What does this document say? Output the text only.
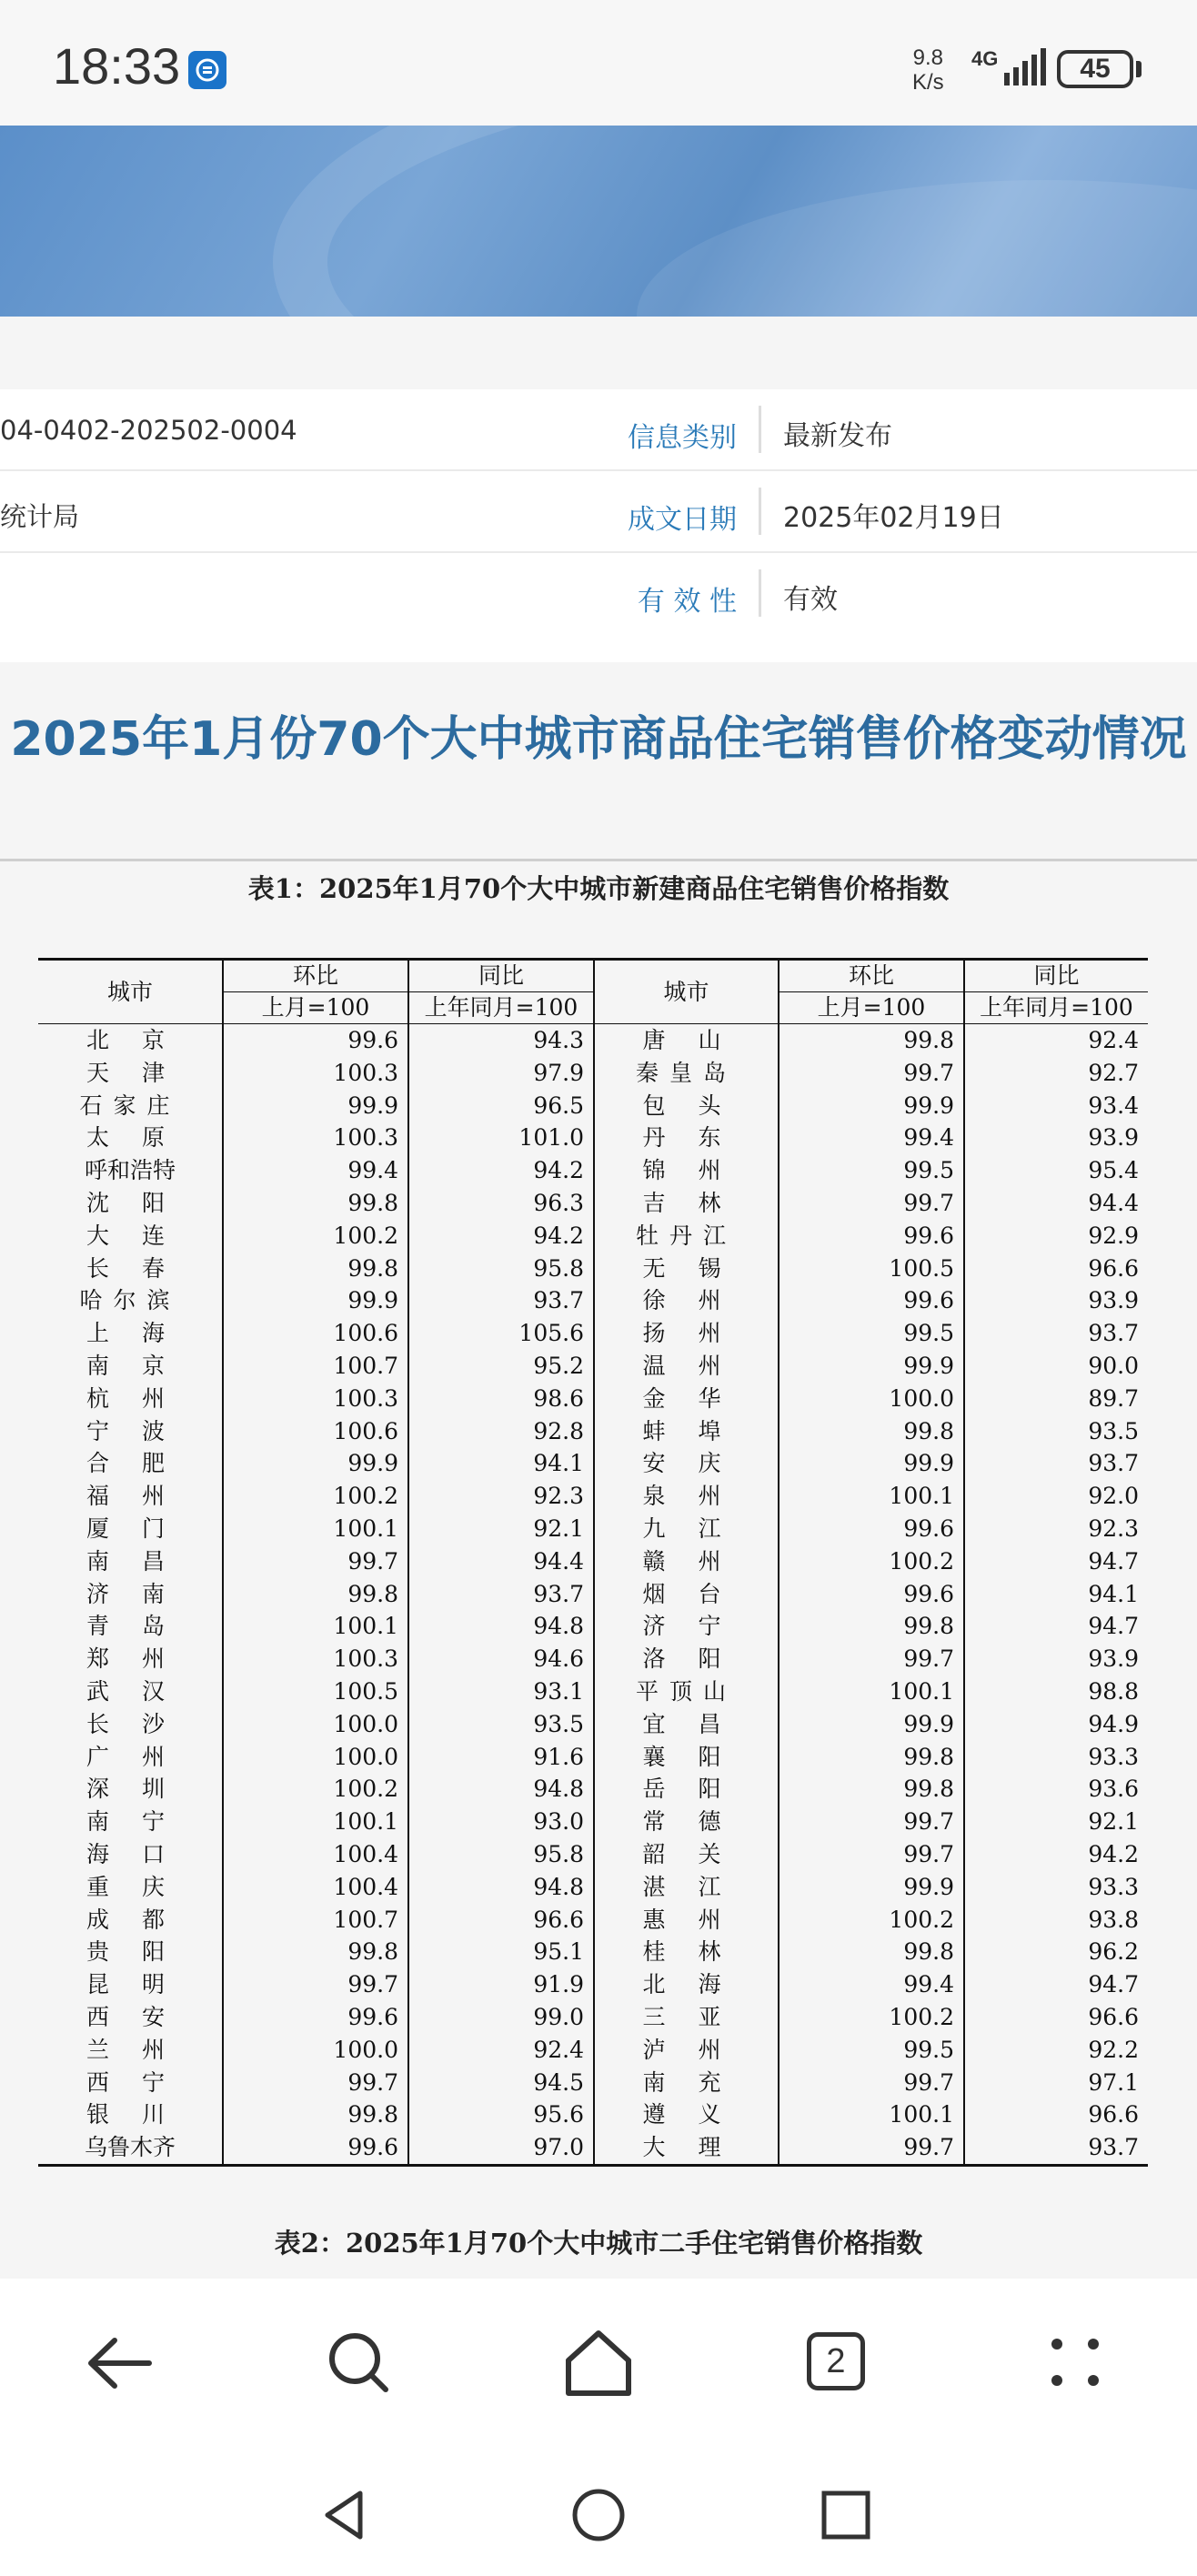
18:33	9.8
K/s
4G	45
04-0402-202502-0004	信息类别 最新发布
统计局	成文日期 2025年02月19日
有 效 性 有效
2025年1月份70个大中城市商品住宅销售价格变动情况
表1：2025年1月70个大中城市新建商品住宅销售价格指数
城市	环比	同比	城市	环比	同比
	上月=100	上年同月=100		上月=100	上年同月=100
北京	99.6	94.3	唐山	99.8	92.4
天津	100.3	97.9	秦皇岛	99.7	92.7
石家庄	99.9	96.5	包头	99.9	93.4
太原	100.3	101.0	丹东	99.4	93.9
呼和浩特	99.4	94.2	锦州	99.5	95.4
沈阳	99.8	96.3	吉林	99.7	94.4
大连	100.2	94.2	牡丹江	99.6	92.9
长春	99.8	95.8	无锡	100.5	96.6
哈尔滨	99.9	93.7	徐州	99.6	93.9
上海	100.6	105.6	扬州	99.5	93.7
南京	100.7	95.2	温州	99.9	90.0
杭州	100.3	98.6	金华	100.0	89.7
宁波	100.6	92.8	蚌埠	99.8	93.5
合肥	99.9	94.1	安庆	99.9	93.7
福州	100.2	92.3	泉州	100.1	92.0
厦门	100.1	92.1	九江	99.6	92.3
南昌	99.7	94.4	赣州	100.2	94.7
济南	99.8	93.7	烟台	99.6	94.1
青岛	100.1	94.8	济宁	99.8	94.7
郑州	100.3	94.6	洛阳	99.7	93.9
武汉	100.5	93.1	平顶山	100.1	98.8
长沙	100.0	93.5	宜昌	99.9	94.9
广州	100.0	91.6	襄阳	99.8	93.3
深圳	100.2	94.8	岳阳	99.8	93.6
南宁	100.1	93.0	常德	99.7	92.1
海口	100.4	95.8	韶关	99.7	94.2
重庆	100.4	94.8	湛江	99.9	93.3
成都	100.7	96.6	惠州	100.2	93.8
贵阳	99.8	95.1	桂林	99.8	96.2
昆明	99.7	91.9	北海	99.4	94.7
西安	99.6	99.0	三亚	100.2	96.6
兰州	100.0	92.4	泸州	99.5	92.2
西宁	99.7	94.5	南充	99.7	97.1
银川	99.8	95.6	遵义	100.1	96.6
乌鲁木齐	99.6	97.0	大理	99.7	93.7
表2：2025年1月70个大中城市二手住宅销售价格指数
2
